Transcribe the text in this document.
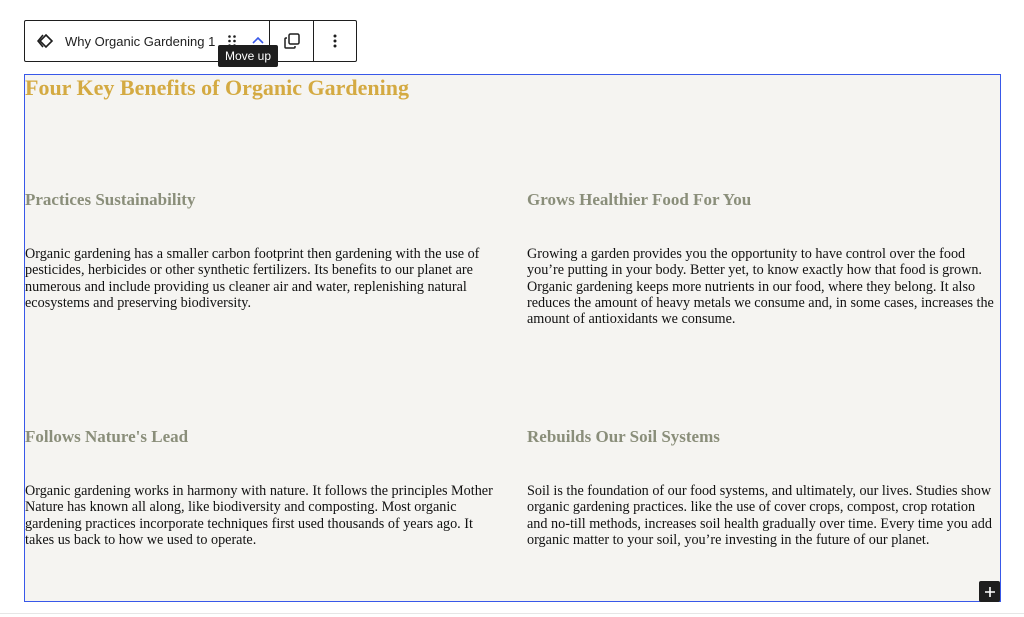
Why Organic Gardening 1
Move up
Four Key Benefits of Organic Gardening
Practices Sustainability

Organic gardening has a smaller carbon footprint then gardening with the use of pesticides, herbicides or other synthetic fertilizers. Its benefits to our planet are numerous and include providing us cleaner air and water, replenishing natural ecosystems and preserving biodiversity.

Grows Healthier Food For You

Growing a garden provides you the opportunity to have control over the food you’re putting in your body. Better yet, to know exactly how that food is grown. Organic gardening keeps more nutrients in our food, where they belong. It also reduces the amount of heavy metals we consume and, in some cases, increases the amount of antioxidants we consume.

Follows Nature's Lead

Organic gardening works in harmony with nature. It follows the principles Mother Nature has known all along, like biodiversity and composting. Most organic gardening practices incorporate techniques first used thousands of years ago. It takes us back to how we used to operate.

Rebuilds Our Soil Systems

Soil is the foundation of our food systems, and ultimately, our lives. Studies show organic gardening practices. like the use of cover crops, compost, crop rotation and no-till methods, increases soil health gradually over time. Every time you add organic matter to your soil, you’re investing in the future of our planet.
